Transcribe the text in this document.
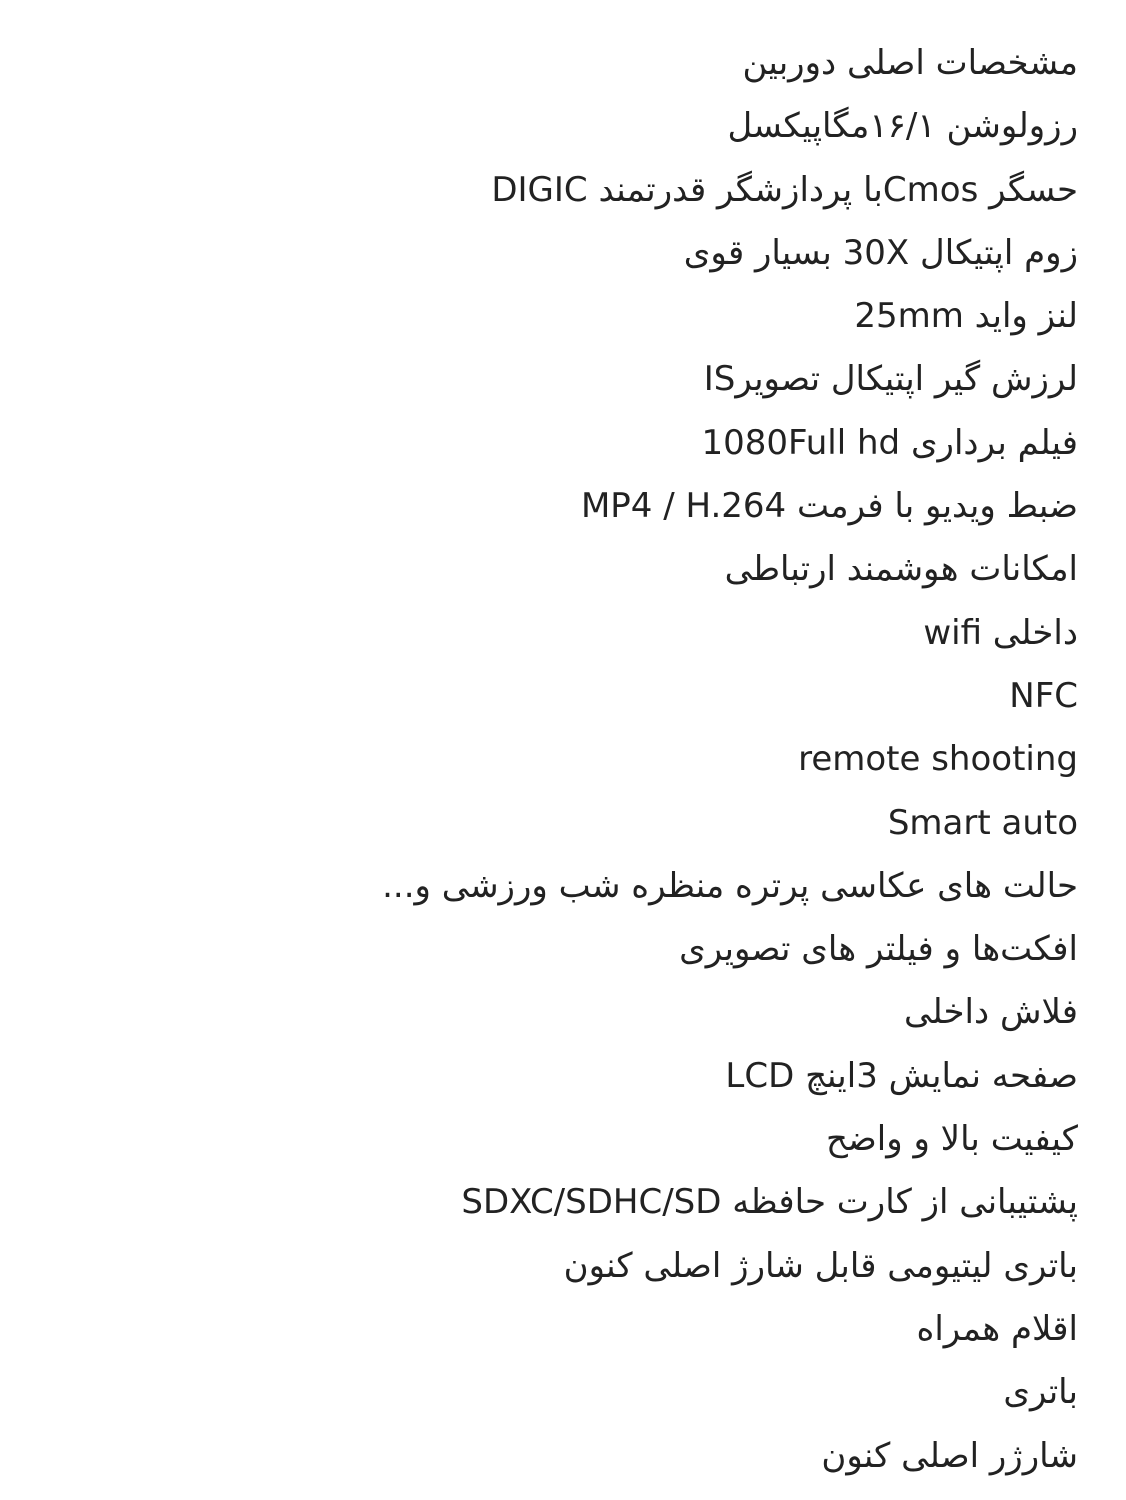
مشخصات اصلی دوربین
رزولوشن ۱۶/۱مگاپیکسل
حسگر Cmosبا پردازشگر قدرتمند DIGIC
زوم اپتیکال 30X بسیار قوی
لنز واید 25mm
لرزش گیر اپتیکال تصویرIS
فیلم برداری 1080Full hd
ضبط ویدیو با فرمت MP4 / H.264
امکانات هوشمند ارتباطی
داخلی wifi
NFC
remote shooting
Smart auto
حالت های عکاسی پرتره منظره شب ورزشی و...
افکت‌ها و فیلتر های تصویری
فلاش داخلی
صفحه نمایش 3اینچ LCD
کیفیت بالا و واضح
پشتیبانی از کارت حافظه SDXC/SDHC/SD
باتری لیتیومی قابل شارژ اصلی کنون
اقلام همراه
باتری
شارژر اصلی کنون
